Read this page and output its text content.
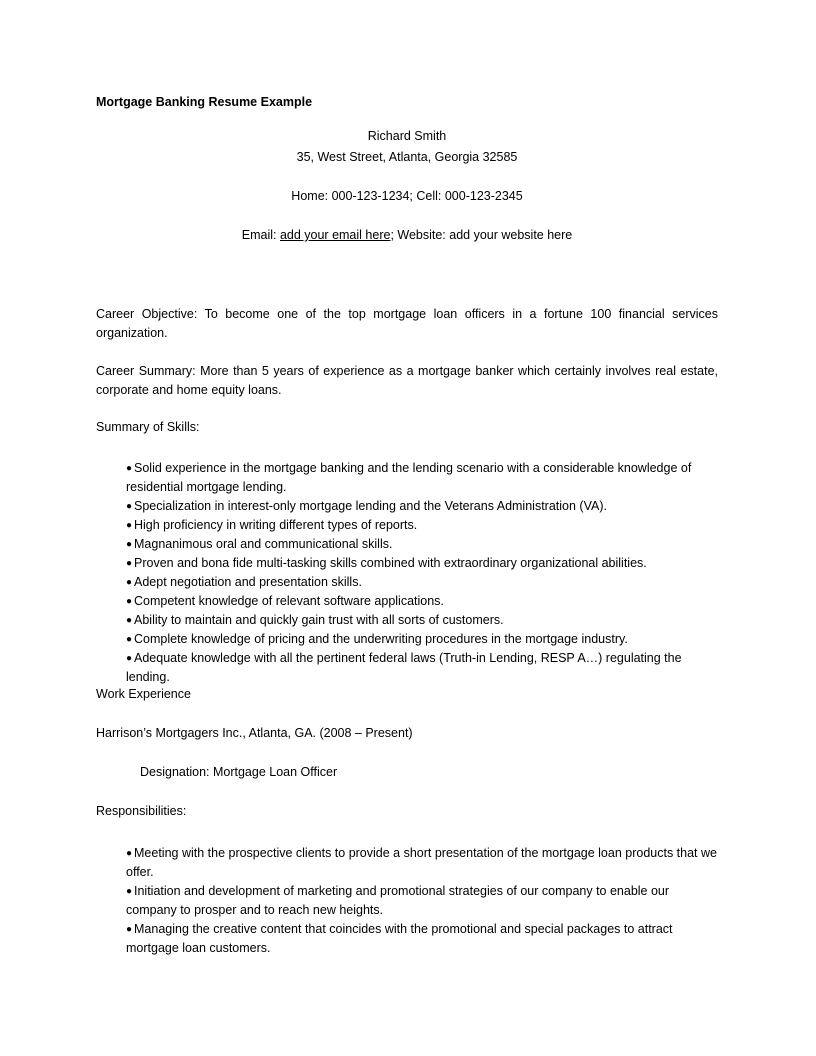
Mortgage Banking Resume Example
Richard Smith
35, West Street, Atlanta, Georgia 32585
Home: 000-123-1234; Cell: 000-123-2345
Email: add your email here; Website: add your website here
Career Objective: To become one of the top mortgage loan officers in a fortune 100 financial services organization.
Career Summary: More than 5 years of experience as a mortgage banker which certainly involves real estate, corporate and home equity loans.
Summary of Skills:
● Solid experience in the mortgage banking and the lending scenario with a considerable knowledge of residential mortgage lending.
● Specialization in interest-only mortgage lending and the Veterans Administration (VA).
● High proficiency in writing different types of reports.
● Magnanimous oral and communicational skills.
● Proven and bona fide multi-tasking skills combined with extraordinary organizational abilities.
● Adept negotiation and presentation skills.
● Competent knowledge of relevant software applications.
● Ability to maintain and quickly gain trust with all sorts of customers.
● Complete knowledge of pricing and the underwriting procedures in the mortgage industry.
● Adequate knowledge with all the pertinent federal laws (Truth-in Lending, RESP A…) regulating the lending.
Work Experience
Harrison’s Mortgagers Inc., Atlanta, GA. (2008 – Present)
Designation: Mortgage Loan Officer
Responsibilities:
● Meeting with the prospective clients to provide a short presentation of the mortgage loan products that we offer.
● Initiation and development of marketing and promotional strategies of our company to enable our company to prosper and to reach new heights.
● Managing the creative content that coincides with the promotional and special packages to attract mortgage loan customers.
